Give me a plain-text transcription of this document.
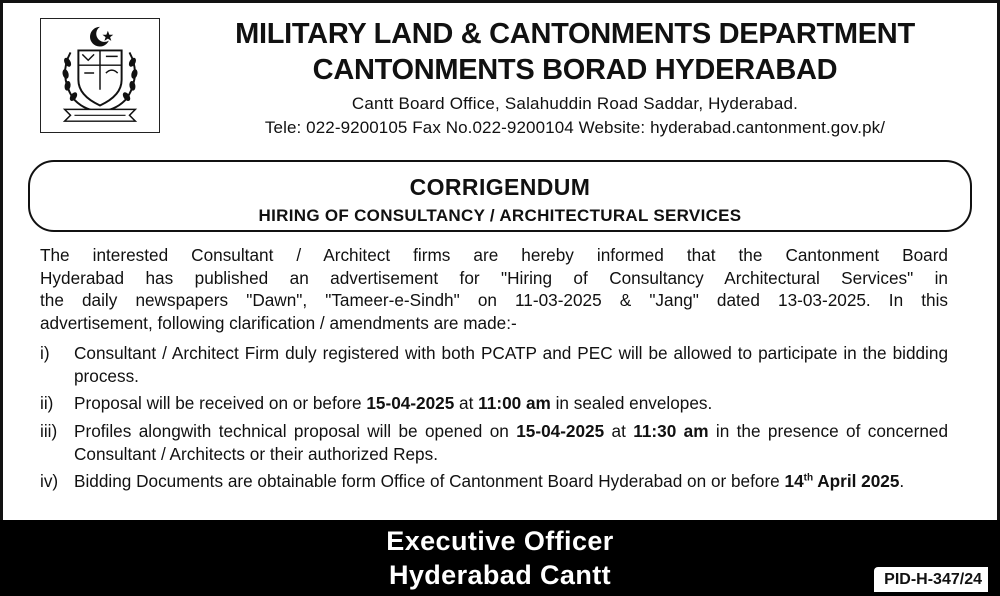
MILITARY LAND & CANTONMENTS DEPARTMENT
CANTONMENTS BORAD HYDERABAD
Cantt Board Office, Salahuddin Road Saddar, Hyderabad.
Tele: 022-9200105 Fax No.022-9200104 Website: hyderabad.cantonment.gov.pk/
CORRIGENDUM
HIRING OF CONSULTANCY / ARCHITECTURAL SERVICES
The interested Consultant / Architect firms are hereby informed that the Cantonment Board
Hyderabad has published an advertisement for "Hiring of Consultancy Architectural Services" in
the daily newspapers "Dawn", "Tameer-e-Sindh" on 11-03-2025 & "Jang" dated 13-03-2025. In this
advertisement, following clarification / amendments are made:-
i)	Consultant / Architect Firm duly registered with both PCATP and PEC will be allowed to participate in the bidding process.
ii)	Proposal will be received on or before 15-04-2025 at 11:00 am in sealed envelopes.
iii) Profiles alongwith technical proposal will be opened on 15-04-2025 at 11:30 am in the presence of concerned Consultant / Architects or their authorized Reps.
iv) Bidding Documents are obtainable form Office of Cantonment Board Hyderabad on or before 14th April 2025.
Executive Officer
Hyderabad Cantt	PID-H-347/24
